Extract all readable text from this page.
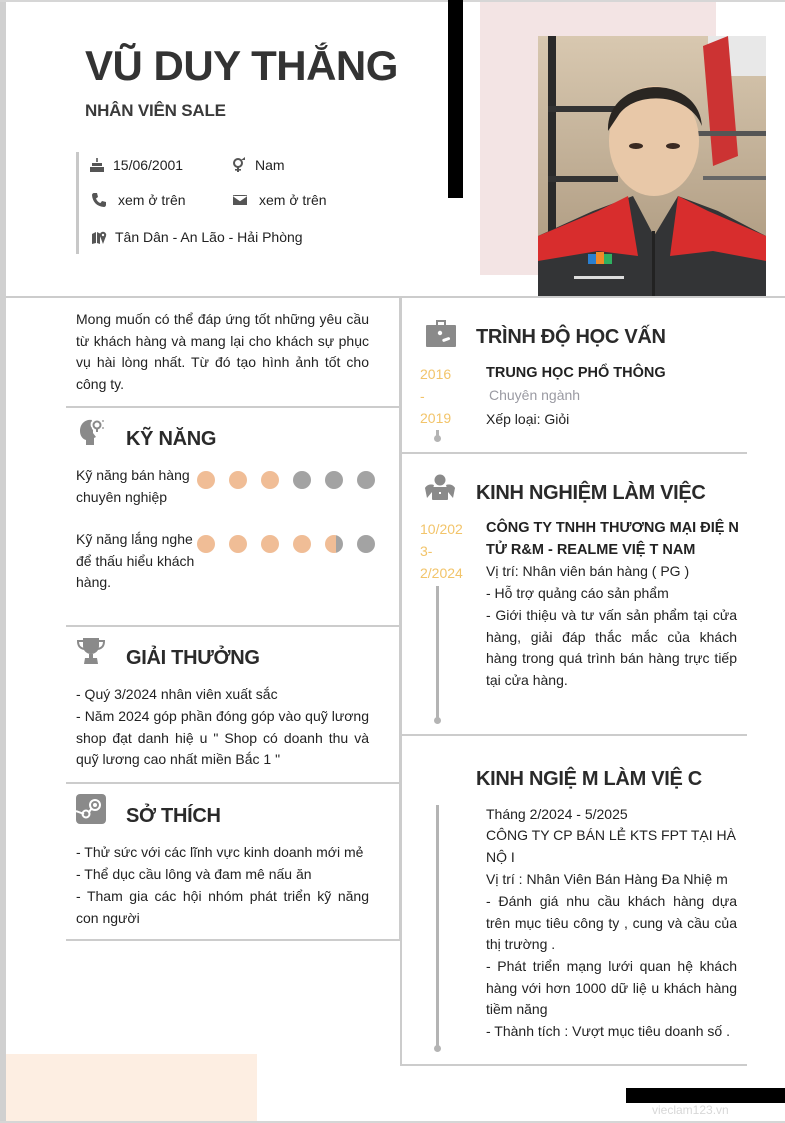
VŨ DUY THẮNG
NHÂN VIÊN SALE
15/06/2001	Nam
xem ở trên	xem ở trên
Tân Dân - An Lão - Hải Phòng
Mong muốn có thể đáp ứng tốt những yêu cầu từ khách hàng và mang lại cho khách sự phục vụ hài lòng nhất. Từ đó tạo hình ảnh tốt cho công ty.
KỸ NĂNG
Kỹ năng bán hàng chuyên nghiệp
Kỹ năng lắng nghe để thấu hiểu khách hàng.
GIẢI THƯỞNG
- Quý 3/2024 nhân viên xuất sắc
- Năm 2024 góp phần đóng góp vào quỹ lương shop đạt danh hiệ u " Shop có doanh thu và quỹ lương cao nhất miền Bắc 1 "
SỞ THÍCH
- Thử sức với các lĩnh vực kinh doanh mới mẻ
- Thể dục cầu lông và đam mê nấu ăn
- Tham gia các hội nhóm phát triển kỹ năng con người
TRÌNH ĐỘ HỌC VẤN
2016
-
2019
TRUNG HỌC PHỔ THÔNG
Chuyên ngành
Xếp loại: Giỏi
KINH NGHIỆM LÀM VIỆC
10/202
3-
2/2024
CÔNG TY TNHH THƯƠNG MẠI ĐIỆ N TỬ R&M - REALME VIỆ T NAM
Vị trí: Nhân viên bán hàng ( PG )
- Hỗ trợ quảng cáo sản phẩm
- Giới thiệu và tư vấn sản phẩm tại cửa hàng, giải đáp thắc mắc của khách hàng trong quá trình bán hàng trực tiếp tại cửa hàng.
KINH NGIỆ M LÀM VIỆ C
Tháng 2/2024 - 5/2025
CÔNG TY CP BÁN LẺ KTS FPT TẠI HÀ NỘ I
Vị trí : Nhân Viên Bán Hàng Đa Nhiệ m
- Đánh giá nhu cầu khách hàng dựa trên mục tiêu công ty , cung và cầu của thị trường .
- Phát triển mạng lưới quan hệ khách hàng với hơn 1000 dữ liệ u khách hàng tiềm năng
- Thành tích : Vượt mục tiêu doanh số .
vieclam123.vn
